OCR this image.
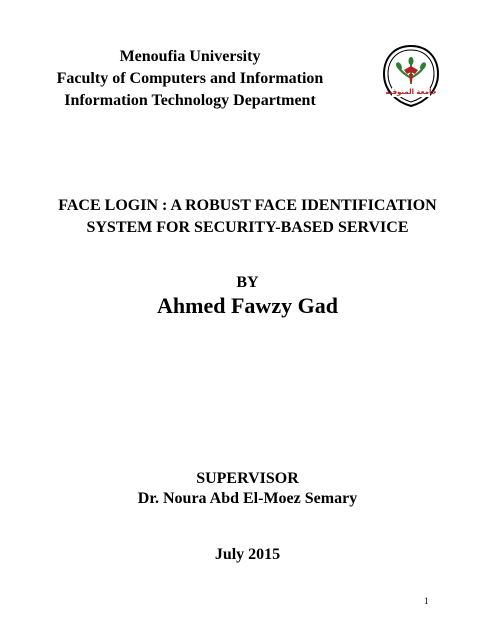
Menoufia University
Faculty of Computers and Information
Information Technology Department	جامعة المنوفية
FACE LOGIN : A ROBUST FACE IDENTIFICATION
SYSTEM FOR SECURITY-BASED SERVICE
BY
Ahmed Fawzy Gad
SUPERVISOR
Dr. Noura Abd El-Moez Semary
July 2015
1
